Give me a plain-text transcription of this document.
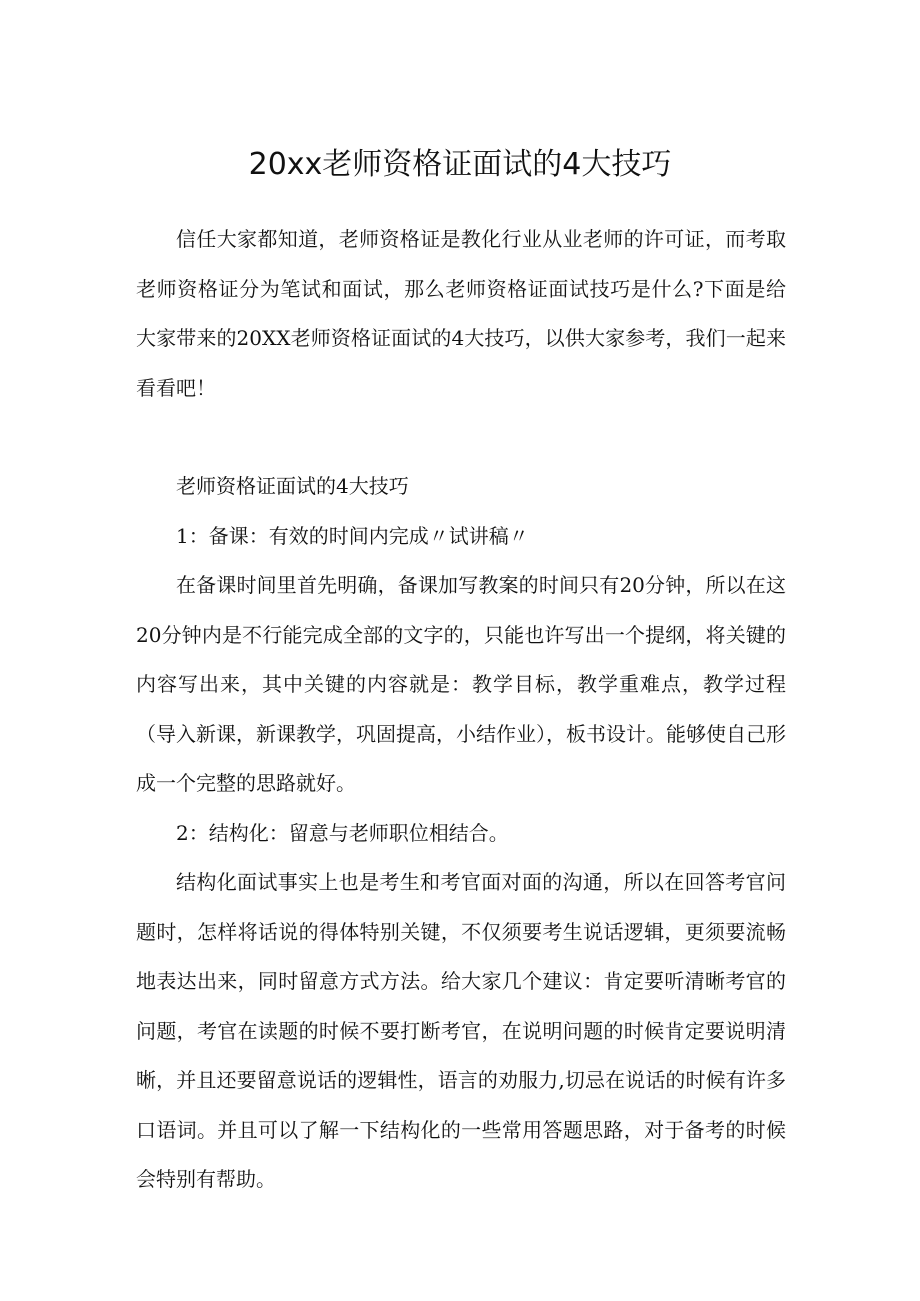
20xx老师资格证面试的4大技巧

信任大家都知道，老师资格证是教化行业从业老师的许可证，而考取老师资格证分为笔试和面试，那么老师资格证面试技巧是什么?下面是给大家带来的20XX老师资格证面试的4大技巧，以供大家参考，我们一起来看看吧！

老师资格证面试的4大技巧

1：备课：有效的时间内完成〃试讲稿〃

在备课时间里首先明确，备课加写教案的时间只有20分钟，所以在这20分钟内是不行能完成全部的文字的，只能也许写出一个提纲，将关键的内容写出来，其中关键的内容就是：教学目标，教学重难点，教学过程（导入新课，新课教学，巩固提高，小结作业），板书设计。能够使自己形成一个完整的思路就好。

2：结构化：留意与老师职位相结合。

结构化面试事实上也是考生和考官面对面的沟通，所以在回答考官问题时，怎样将话说的得体特别关键，不仅须要考生说话逻辑，更须要流畅地表达出来，同时留意方式方法。给大家几个建议：肯定要听清晰考官的问题，考官在读题的时候不要打断考官，在说明问题的时候肯定要说明清晰，并且还要留意说话的逻辑性，语言的劝服力,切忌在说话的时候有许多口语词。并且可以了解一下结构化的一些常用答题思路，对于备考的时候会特别有帮助。
